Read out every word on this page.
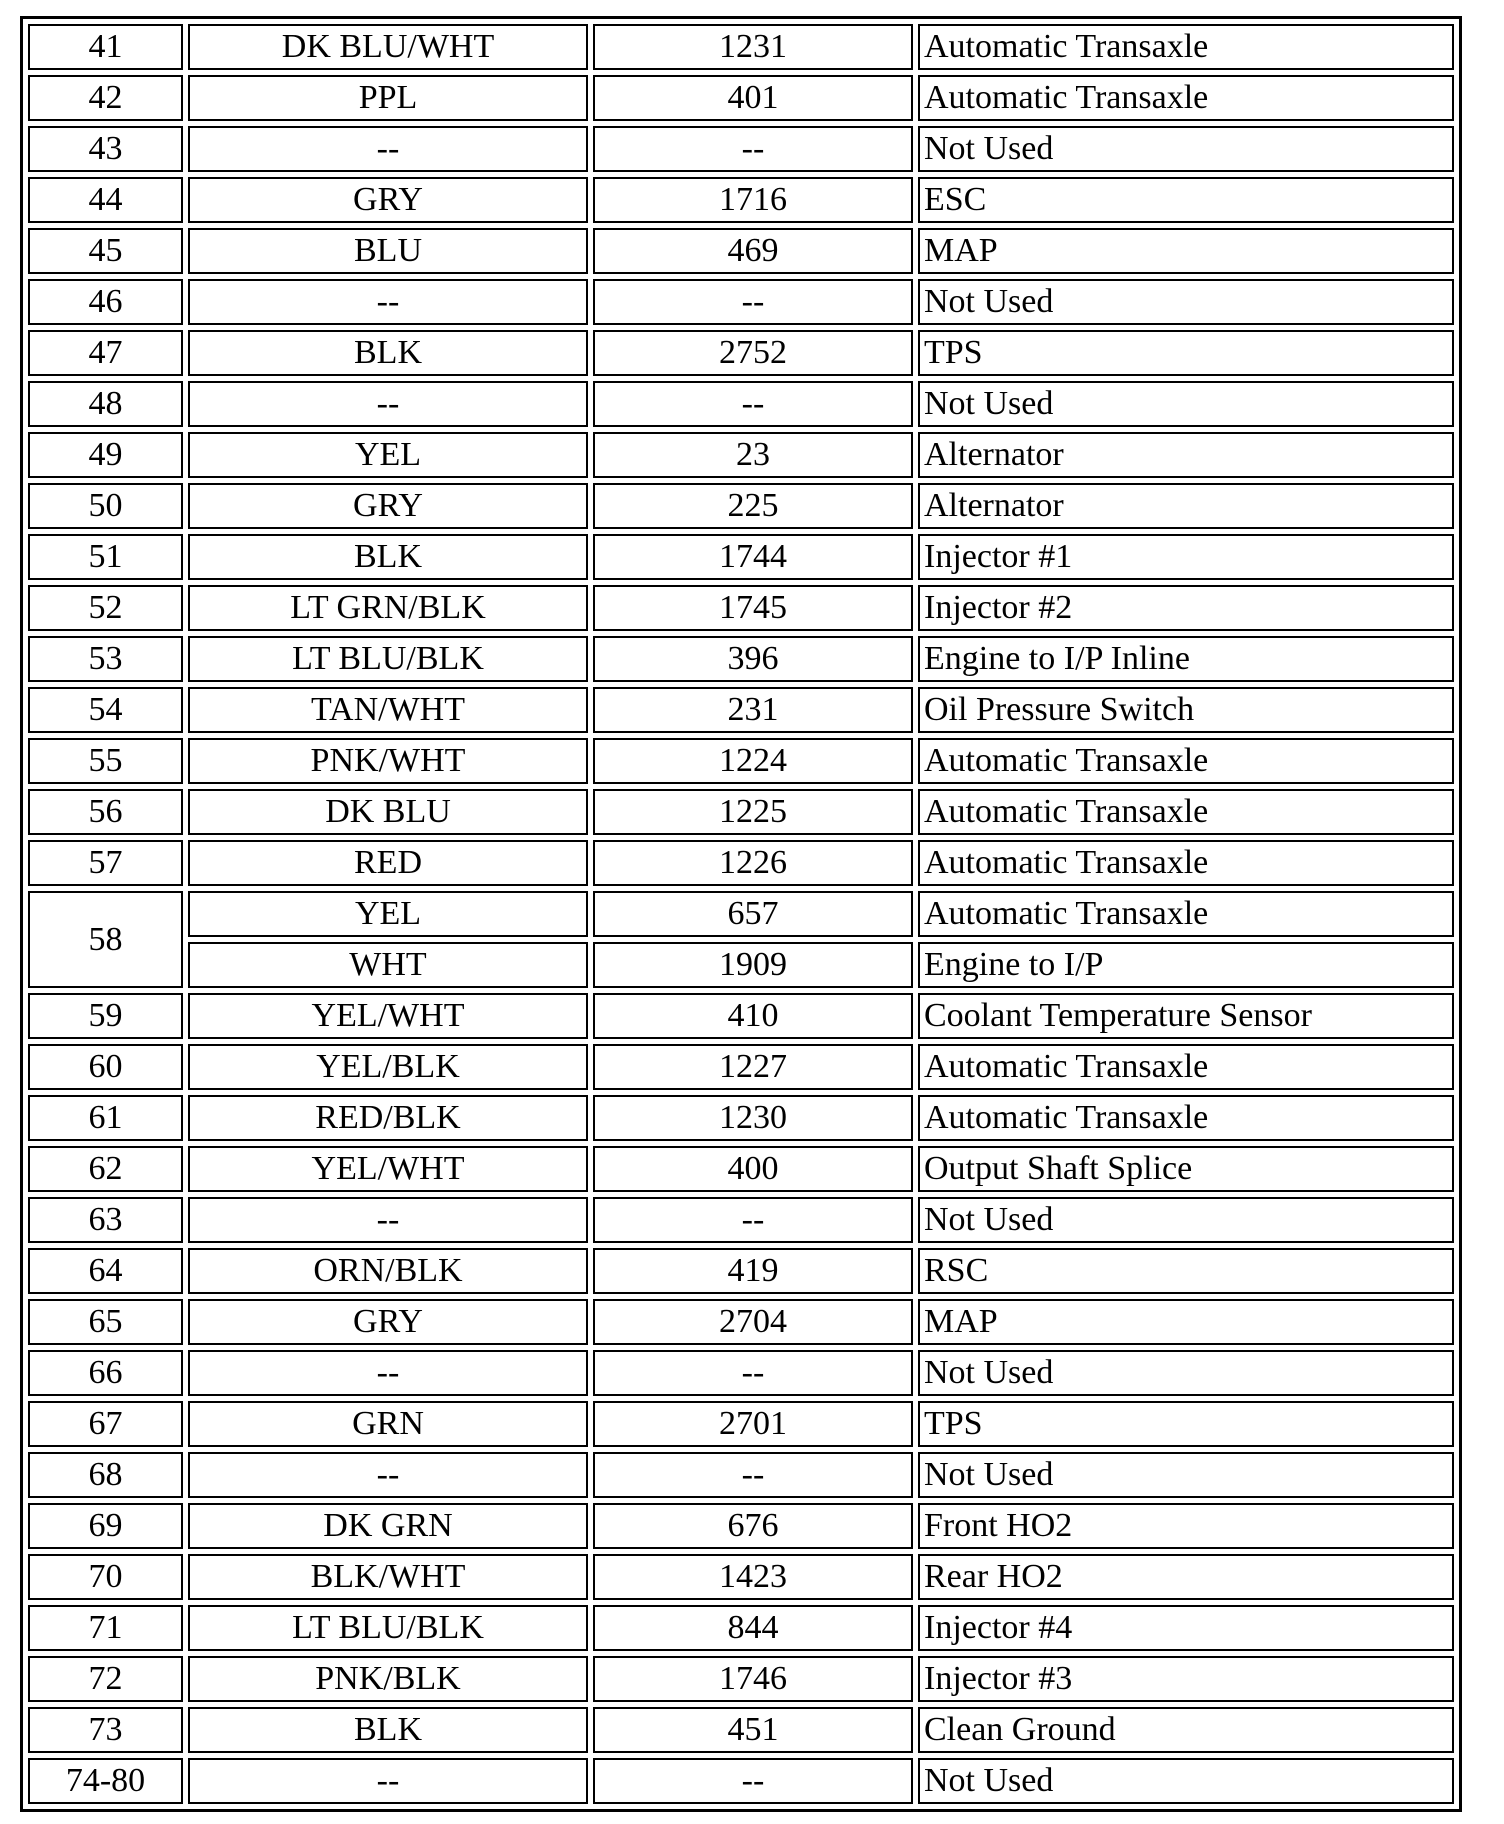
41	DK BLU/WHT	1231	Automatic Transaxle
42	PPL	401	Automatic Transaxle
43	--	--	Not Used
44	GRY	1716	ESC
45	BLU	469	MAP
46	--	--	Not Used
47	BLK	2752	TPS
48	--	--	Not Used
49	YEL	23	Alternator
50	GRY	225	Alternator
51	BLK	1744	Injector #1
52	LT GRN/BLK	1745	Injector #2
53	LT BLU/BLK	396	Engine to I/P Inline
54	TAN/WHT	231	Oil Pressure Switch
55	PNK/WHT	1224	Automatic Transaxle
56	DK BLU	1225	Automatic Transaxle
57	RED	1226	Automatic Transaxle
58	YEL	657	Automatic Transaxle
	WHT	1909	Engine to I/P
59	YEL/WHT	410	Coolant Temperature Sensor
60	YEL/BLK	1227	Automatic Transaxle
61	RED/BLK	1230	Automatic Transaxle
62	YEL/WHT	400	Output Shaft Splice
63	--	--	Not Used
64	ORN/BLK	419	RSC
65	GRY	2704	MAP
66	--	--	Not Used
67	GRN	2701	TPS
68	--	--	Not Used
69	DK GRN	676	Front HO2
70	BLK/WHT	1423	Rear HO2
71	LT BLU/BLK	844	Injector #4
72	PNK/BLK	1746	Injector #3
73	BLK	451	Clean Ground
74-80	--	--	Not Used
